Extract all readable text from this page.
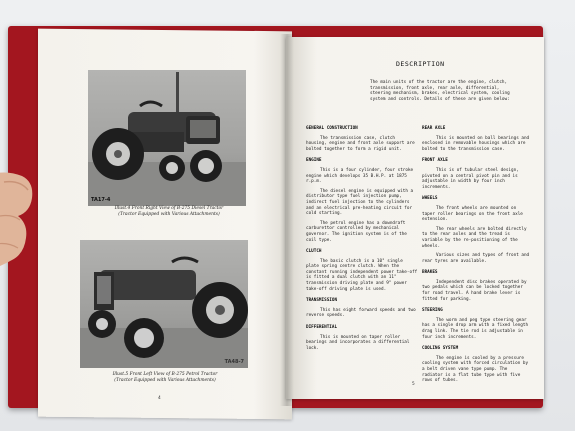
TA17-4
Illust.4 Front Right View of B-275 Diesel Tractor
(Tractor Equipped with Various Attachments)
TA48-7
Illust.5 Front Left View of B-275 Petrol Tractor
(Tractor Equipped with Various Attachments)
4
DESCRIPTION
The main units of the tractor are the engine, clutch, transmission, front axle, rear axle, differential, steering mechanism, brakes, electrical system, cooling system and controls. Details of these are given below:
GENERAL CONSTRUCTION
The transmission case, clutch housing, engine and front axle support are bolted together to form a rigid unit.
ENGINE
This is a four cylinder, four stroke engine which develops 35 B.H.P. at 1875 r.p.m.
The diesel engine is equipped with a distributor type fuel injection pump, indirect fuel injection to the cylinders and an electrical pre-heating circuit for cold starting.
The petrol engine has a downdraft carburettor controlled by mechanical governor. The ignition system is of the coil type.
CLUTCH
The basic clutch is a 10" single plate spring centre clutch. When the constant running independent power take-off is fitted a dual clutch with an 11" transmission driving plate and 9" power take-off driving plate is used.
TRANSMISSION
This has eight forward speeds and two reverse speeds.
DIFFERENTIAL
This is mounted on taper roller bearings and incorporates a differential lock.
REAR AXLE
This is mounted on ball bearings and enclosed in removable housings which are bolted to the transmission case.
FRONT AXLE
This is of tubular steel design, pivoted on a central pivot pin and is adjustable in width by four inch increments.
WHEELS
The front wheels are mounted on taper roller bearings on the front axle extension.
The rear wheels are bolted directly to the rear axles and the tread is variable by the re-positioning of the wheels.
Various sizes and types of front and rear tyres are available.
BRAKES
Independent disc brakes operated by two pedals which can be locked together for road travel. A hand brake lever is fitted for parking.
STEERING
The worm and peg type steering gear has a single drop arm with a fixed length drag link. The tie rod is adjustable in four inch increments.
COOLING SYSTEM
The engine is cooled by a pressure cooling system with forced circulation by a belt driven vane type pump. The radiator is a flat tube type with five rows of tubes.
5
